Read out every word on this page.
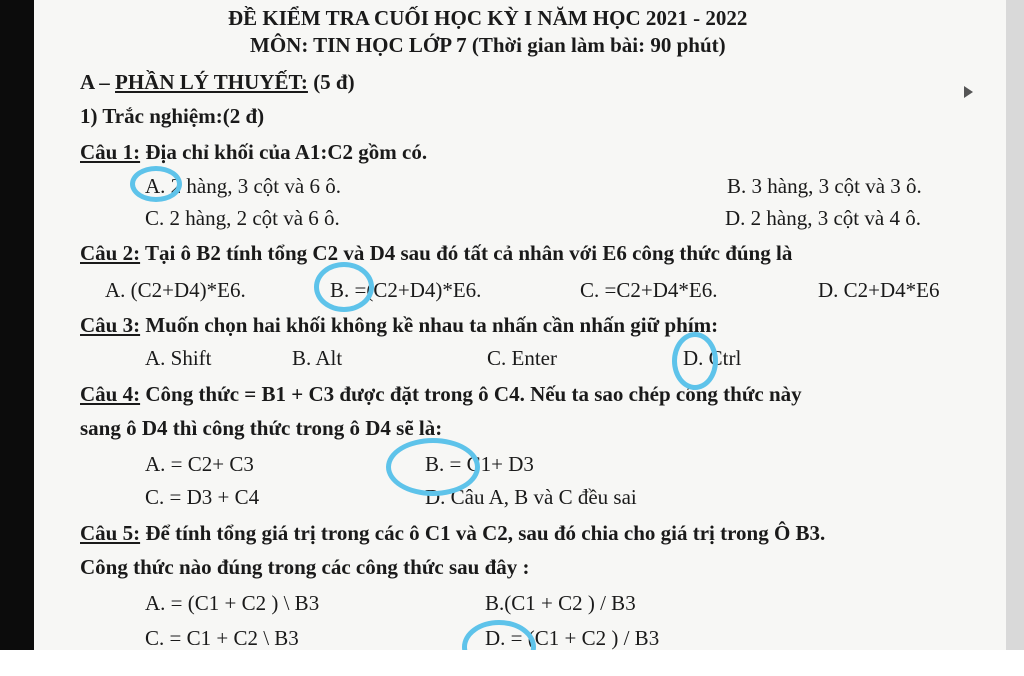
ĐỀ KIỂM TRA CUỐI HỌC KỲ I NĂM HỌC 2021 - 2022
MÔN: TIN HỌC LỚP 7 (Thời gian làm bài: 90 phút)
A – PHẦN LÝ THUYẾT: (5 đ)
1) Trắc nghiệm:(2 đ)
Câu 1: Địa chỉ khối của A1:C2 gồm có.
A. 2 hàng, 3 cột và 6 ô.	B. 3 hàng, 3 cột và 3 ô.
C. 2 hàng, 2 cột và 6 ô.	D. 2 hàng, 3 cột và 4 ô.
Câu 2: Tại ô B2 tính tổng C2 và D4 sau đó tất cả nhân với E6 công thức đúng là
A. (C2+D4)*E6.	B. =(C2+D4)*E6.	C. =C2+D4*E6.	D. C2+D4*E6
Câu 3: Muốn chọn hai khối không kề nhau ta nhấn cần nhấn giữ phím:
A. Shift	B. Alt	C. Enter	D. Ctrl
Câu 4: Công thức = B1 + C3 được đặt trong ô C4. Nếu ta sao chép công thức này
sang ô D4 thì công thức trong ô D4 sẽ là:
A. = C2+ C3	B. = C1+ D3
C. = D3 + C4	D. Câu A, B và C đều sai
Câu 5: Để tính tổng giá trị trong các ô C1 và C2, sau đó chia cho giá trị trong Ô B3.
Công thức nào đúng trong các công thức sau đây :
A. = (C1 + C2 ) \ B3	B.(C1 + C2 ) / B3
C. = C1 + C2 \ B3	D. = (C1 + C2 ) / B3
